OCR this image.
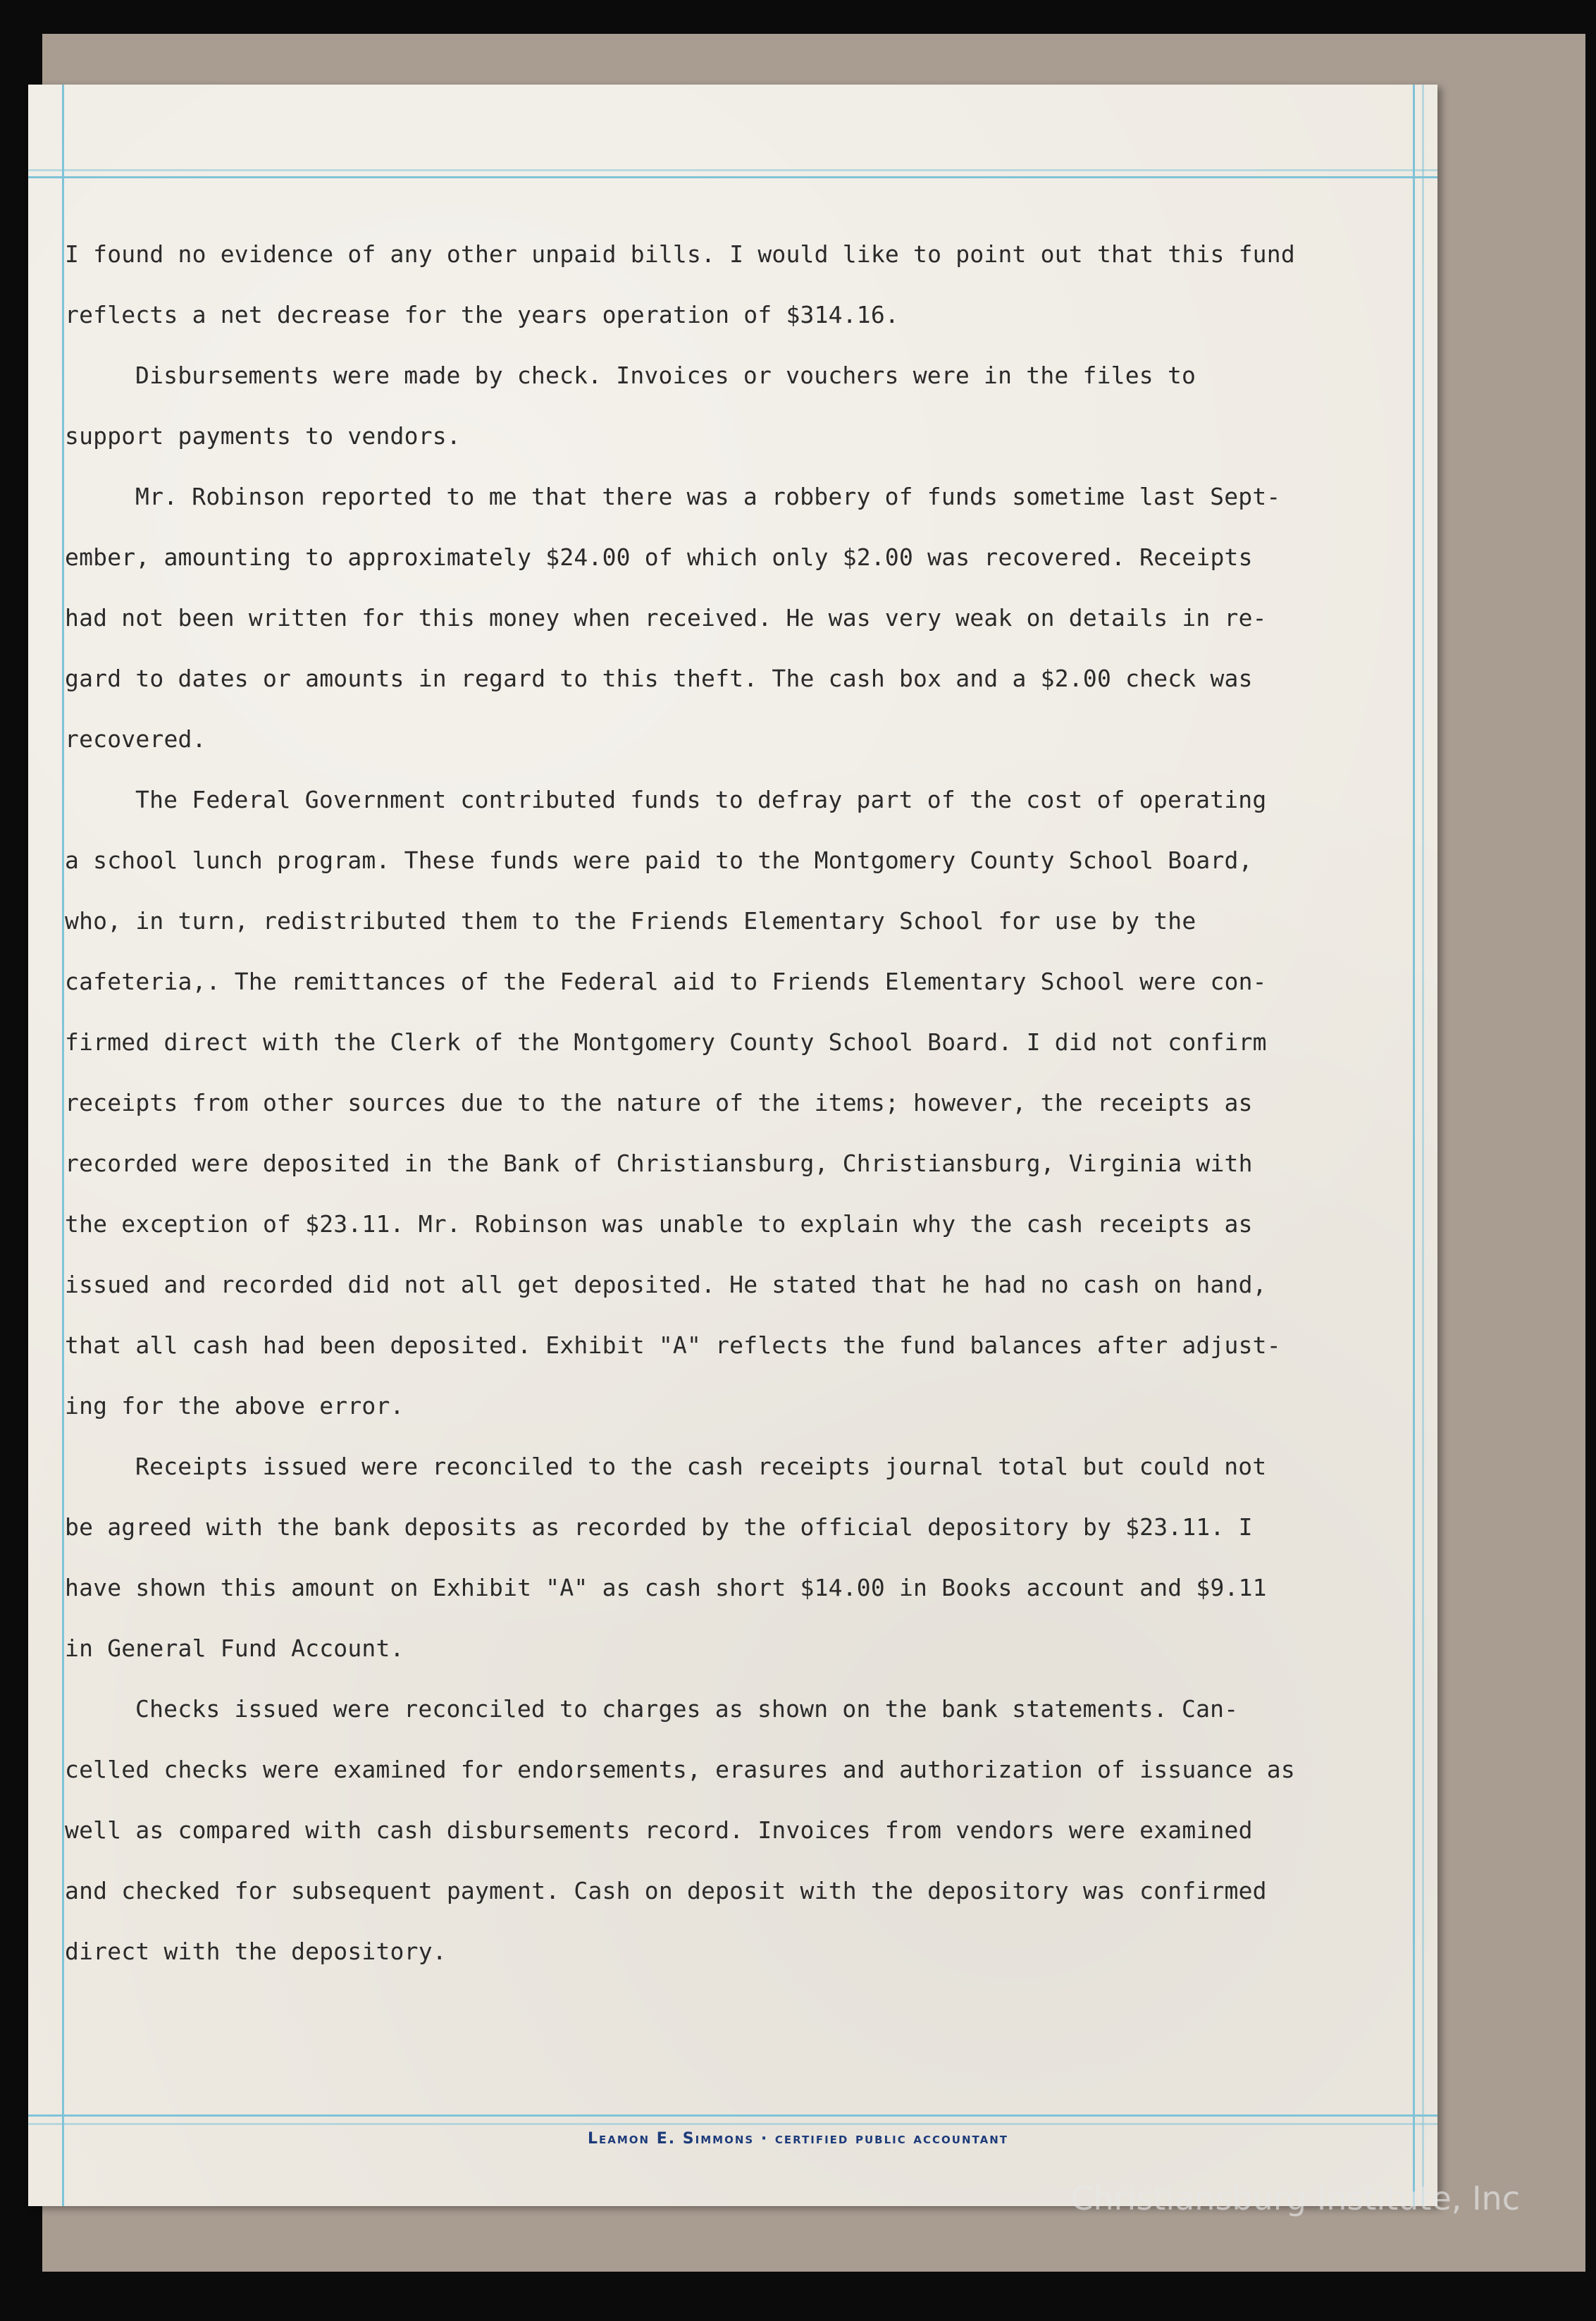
I found no evidence of any other unpaid bills. I would like to point out that this fund
reflects a net decrease for the years operation of $314.16.

Disbursements were made by check. Invoices or vouchers were in the files to
support payments to vendors.

Mr. Robinson reported to me that there was a robbery of funds sometime last Sept-
ember, amounting to approximately $24.00 of which only $2.00 was recovered. Receipts
had not been written for this money when received. He was very weak on details in re-
gard to dates or amounts in regard to this theft. The cash box and a $2.00 check was
recovered.

The Federal Government contributed funds to defray part of the cost of operating
a school lunch program. These funds were paid to the Montgomery County School Board,
who, in turn, redistributed them to the Friends Elementary School for use by the
cafeteria,. The remittances of the Federal aid to Friends Elementary School were con-
firmed direct with the Clerk of the Montgomery County School Board. I did not confirm
receipts from other sources due to the nature of the items; however, the receipts as
recorded were deposited in the Bank of Christiansburg, Christiansburg, Virginia with
the exception of $23.11. Mr. Robinson was unable to explain why the cash receipts as
issued and recorded did not all get deposited. He stated that he had no cash on hand,
that all cash had been deposited. Exhibit "A" reflects the fund balances after adjust-
ing for the above error.

Receipts issued were reconciled to the cash receipts journal total but could not
be agreed with the bank deposits as recorded by the official depository by $23.11. I
have shown this amount on Exhibit "A" as cash short $14.00 in Books account and $9.11
in General Fund Account.

Checks issued were reconciled to charges as shown on the bank statements. Can-
celled checks were examined for endorsements, erasures and authorization of issuance as
well as compared with cash disbursements record. Invoices from vendors were examined
and checked for subsequent payment. Cash on deposit with the depository was confirmed
direct with the depository.

Leamon E. Simmons · certified public accountant
Christiansburg Institute, Inc
